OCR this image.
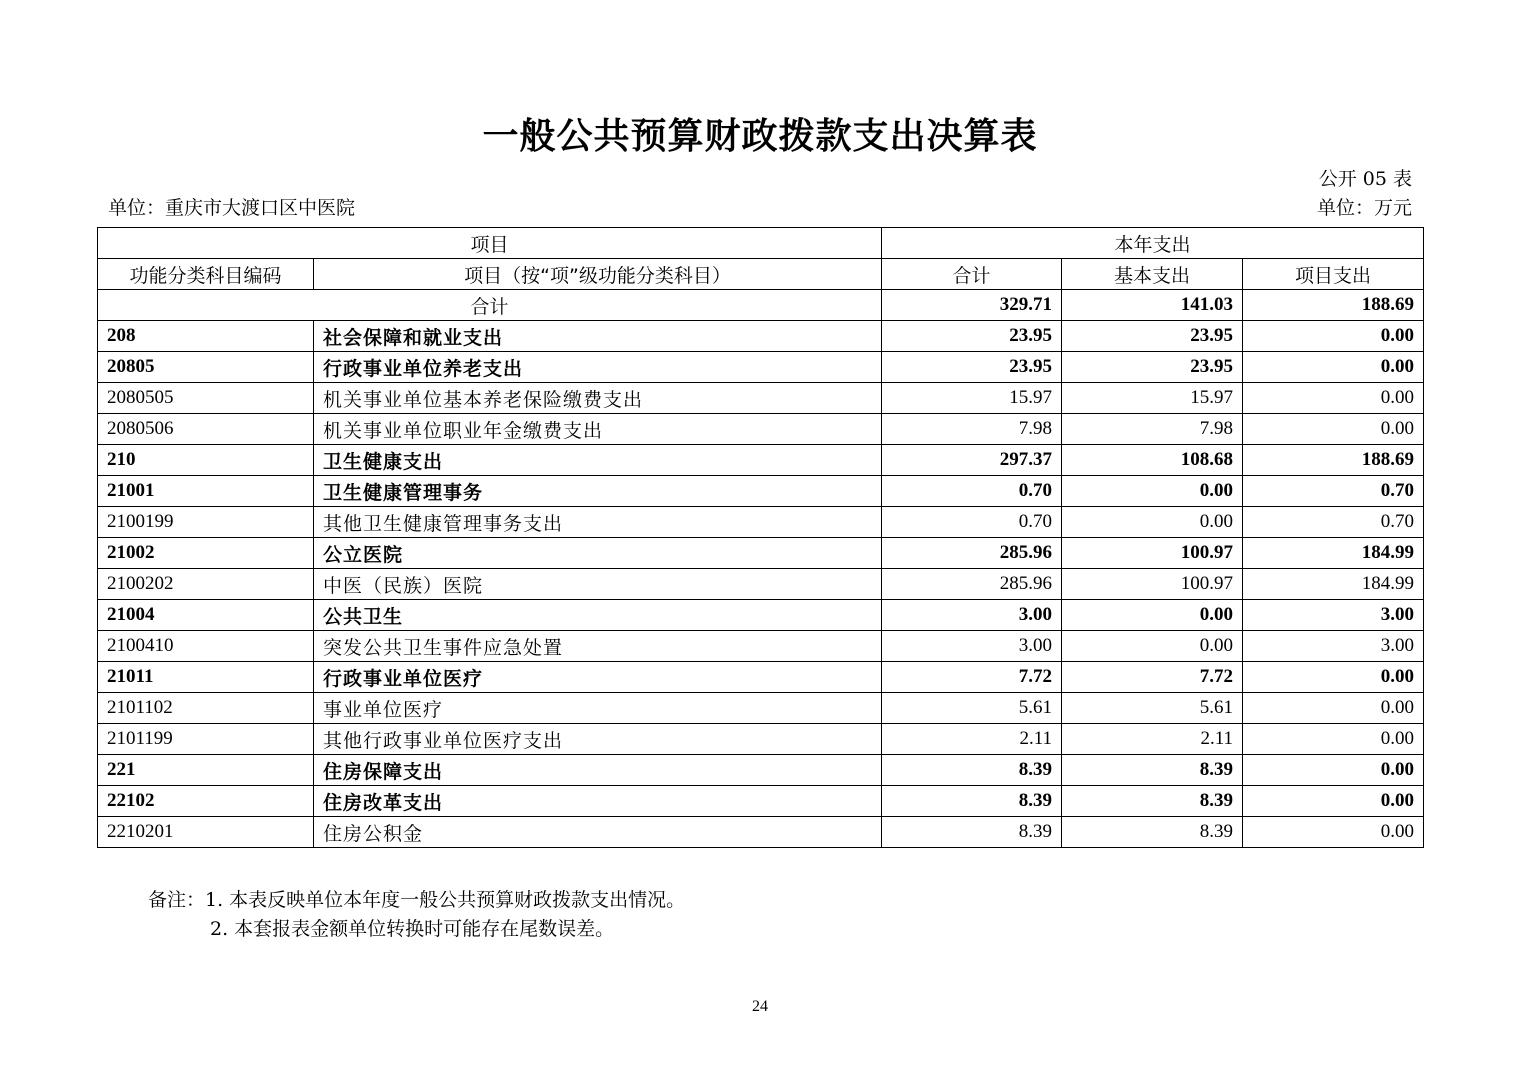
一般公共预算财政拨款支出决算表
公开 05 表
单位：重庆市大渡口区中医院	单位：万元
项目		本年支出		
功能分类科目编码	项目（按“项”级功能分类科目）	合计	基本支出	项目支出
合计		329.71	141.03	188.69
208	社会保障和就业支出	23.95	23.95	0.00
20805	行政事业单位养老支出	23.95	23.95	0.00
2080505	机关事业单位基本养老保险缴费支出	15.97	15.97	0.00
2080506	机关事业单位职业年金缴费支出	7.98	7.98	0.00
210	卫生健康支出	297.37	108.68	188.69
21001	卫生健康管理事务	0.70	0.00	0.70
2100199	其他卫生健康管理事务支出	0.70	0.00	0.70
21002	公立医院	285.96	100.97	184.99
2100202	中医（民族）医院	285.96	100.97	184.99
21004	公共卫生	3.00	0.00	3.00
2100410	突发公共卫生事件应急处置	3.00	0.00	3.00
21011	行政事业单位医疗	7.72	7.72	0.00
2101102	事业单位医疗	5.61	5.61	0.00
2101199	其他行政事业单位医疗支出	2.11	2.11	0.00
221	住房保障支出	8.39	8.39	0.00
22102	住房改革支出	8.39	8.39	0.00
2210201	住房公积金	8.39	8.39	0.00
备注：1. 本表反映单位本年度一般公共预算财政拨款支出情况。
2. 本套报表金额单位转换时可能存在尾数误差。
24
